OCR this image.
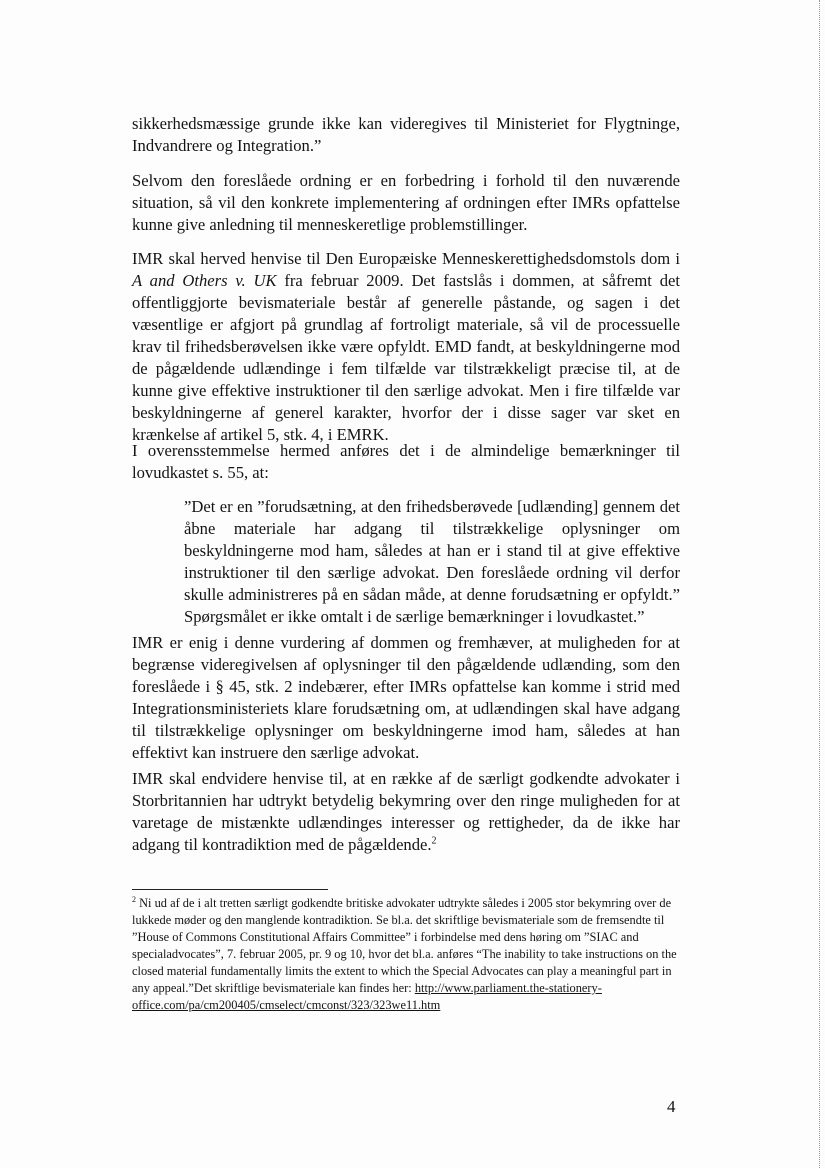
sikkerhedsmæssige grunde ikke kan videregives til Ministeriet for Flygtninge, Indvandrere og Integration.”

Selvom den foreslåede ordning er en forbedring i forhold til den nuværende situation, så vil den konkrete implementering af ordningen efter IMRs opfattelse kunne give anledning til menneskeretlige problemstillinger.

IMR skal herved henvise til Den Europæiske Menneskerettighedsdomstols dom i A and Others v. UK fra februar 2009. Det fastslås i dommen, at såfremt det offentliggjorte bevismateriale består af generelle påstande, og sagen i det væsentlige er afgjort på grundlag af fortroligt materiale, så vil de processuelle krav til frihedsberøvelsen ikke være opfyldt. EMD fandt, at beskyldningerne mod de pågældende udlændinge i fem tilfælde var tilstrækkeligt præcise til, at de kunne give effektive instruktioner til den særlige advokat. Men i fire tilfælde var beskyldningerne af generel karakter, hvorfor der i disse sager var sket en krænkelse af artikel 5, stk. 4, i EMRK.

I overensstemmelse hermed anføres det i de almindelige bemærkninger til lovudkastet s. 55, at:

”Det er en ”forudsætning, at den frihedsberøvede [udlænding] gennem det åbne materiale har adgang til tilstrækkelige oplysninger om beskyldningerne mod ham, således at han er i stand til at give effektive instruktioner til den særlige advokat. Den foreslåede ordning vil derfor skulle administreres på en sådan måde, at denne forudsætning er opfyldt.” Spørgsmålet er ikke omtalt i de særlige bemærkninger i lovudkastet.”

IMR er enig i denne vurdering af dommen og fremhæver, at muligheden for at begrænse videregivelsen af oplysninger til den pågældende udlænding, som den foreslåede i § 45, stk. 2 indebærer, efter IMRs opfattelse kan komme i strid med Integrationsministeriets klare forudsætning om, at udlændingen skal have adgang til tilstrækkelige oplysninger om beskyldningerne imod ham, således at han effektivt kan instruere den særlige advokat.

IMR skal endvidere henvise til, at en række af de særligt godkendte advokater i Storbritannien har udtrykt betydelig bekymring over den ringe muligheden for at varetage de mistænkte udlændinges interesser og rettigheder, da de ikke har adgang til kontradiktion med de pågældende.$^2$

$^2$ Ni ud af de i alt tretten særligt godkendte britiske advokater udtrykte således i 2005 stor bekymring over de lukkede møder og den manglende kontradiktion. Se bl.a. det skriftlige bevismateriale som de fremsendte til ”House of Commons Constitutional Affairs Committee” i forbindelse med dens høring om ”SIAC and specialadvocates”, 7. februar 2005, pr. 9 og 10, hvor det bl.a. anføres “The inability to take instructions on the closed material fundamentally limits the extent to which the Special Advocates can play a meaningful part in any appeal.”Det skriftlige bevismateriale kan findes her: http://www.parliament.the-stationery-office.com/pa/cm200405/cmselect/cmconst/323/323we11.htm

4
